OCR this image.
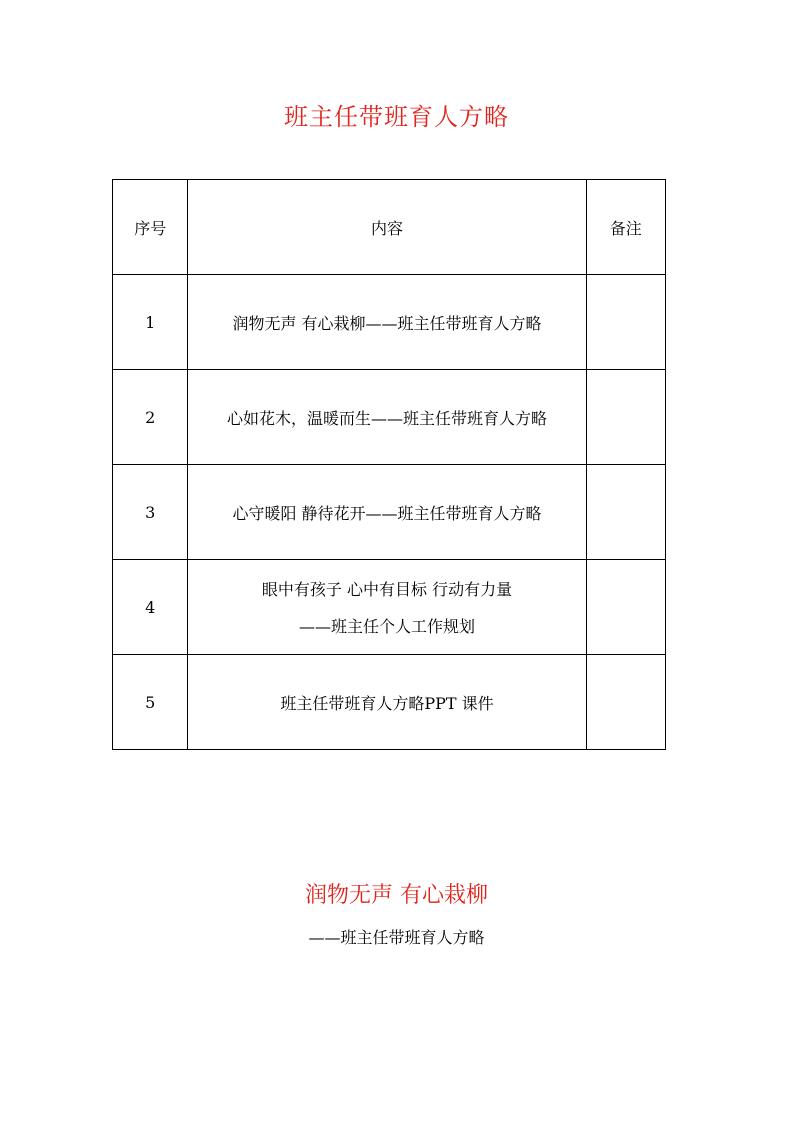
班主任带班育人方略
序号	内容	备注
1	润物无声 有心栽柳——班主任带班育人方略	
2	心如花木，温暖而生——班主任带班育人方略	
3	心守暖阳 静待花开——班主任带班育人方略	
4	眼中有孩子 心中有目标 行动有力量
——班主任个人工作规划	

5	班主任带班育人方略PPT 课件	
润物无声 有心栽柳
——班主任带班育人方略
